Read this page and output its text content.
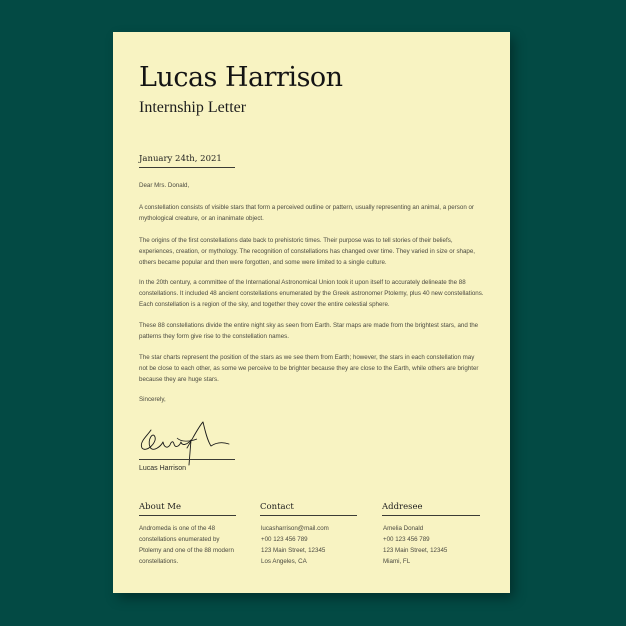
Lucas Harrison
Internship Letter
January 24th, 2021
Dear Mrs. Donald,
A constellation consists of visible stars that form a perceived outline or pattern, usually representing an animal, a person or mythological creature, or an inanimate object.
The origins of the first constellations date back to prehistoric times. Their purpose was to tell stories of their beliefs, experiences, creation, or mythology. The recognition of constellations has changed over time. They varied in size or shape, others became popular and then were forgotten, and some were limited to a single culture.
In the 20th century, a committee of the International Astronomical Union took it upon itself to accurately delineate the 88 constellations. It included 48 ancient constellations enumerated by the Greek astronomer Ptolemy, plus 40 new constellations. Each constellation is a region of the sky, and together they cover the entire celestial sphere.
These 88 constellations divide the entire night sky as seen from Earth. Star maps are made from the brightest stars, and the patterns they form give rise to the constellation names.
The star charts represent the position of the stars as we see them from Earth; however, the stars in each constellation may not be close to each other, as some we perceive to be brighter because they are close to the Earth, while others are brighter because they are huge stars.
Sincerely,
Lucas Harrison
About Me
Andromeda is one of the 48 constellations enumerated by Ptolemy and one of the 88 modern constellations.
Contact
lucasharrison@mail.com
+00 123 456 789
123 Main Street, 12345
Los Angeles, CA
Addresee
Amelia Donald
+00 123 456 789
123 Main Street, 12345
Miami, FL
